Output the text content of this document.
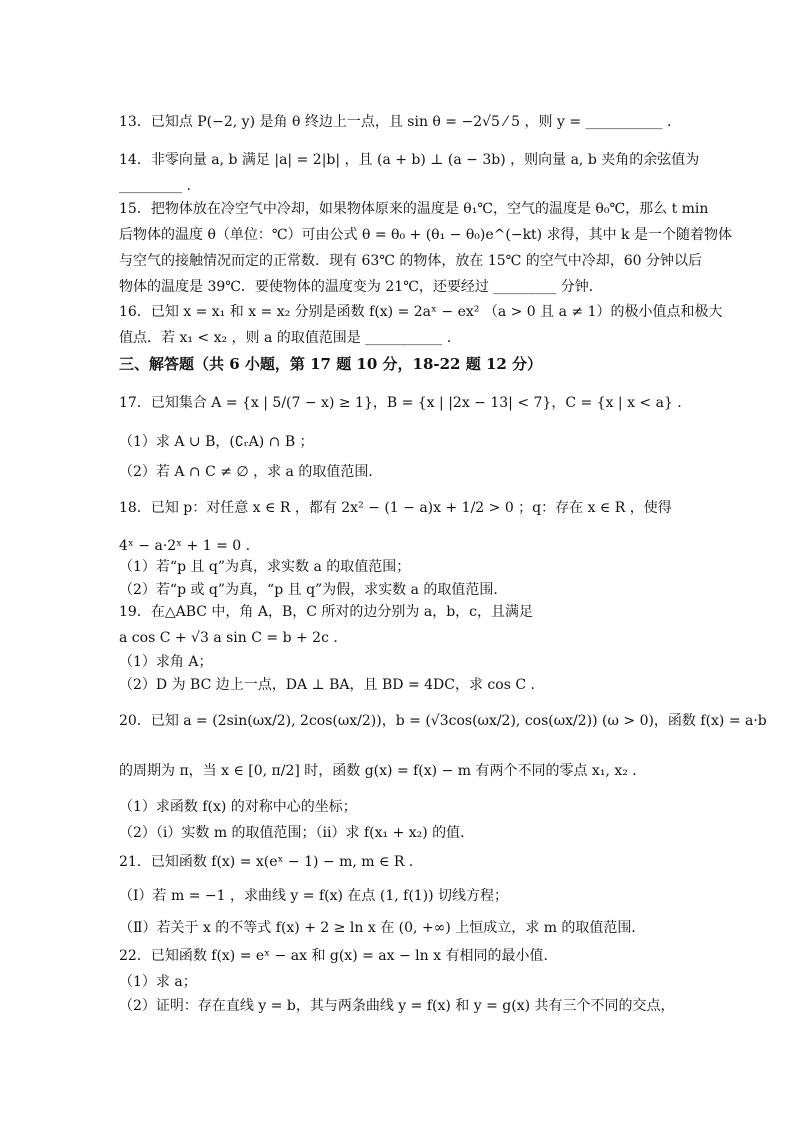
13．已知点 P(−2, y) 是角 θ 终边上一点，且 sin θ = −2√5 ⁄ 5 ，则 y = ___________ .
14．非零向量 a, b 满足 |a| = 2|b| ，且 (a + b) ⊥ (a − 3b) ，则向量 a, b 夹角的余弦值为
_________ .
15．把物体放在冷空气中冷却，如果物体原来的温度是 θ₁℃，空气的温度是 θ₀℃，那么 t min
后物体的温度 θ（单位：℃）可由公式 θ = θ₀ + (θ₁ − θ₀)e^(−kt) 求得，其中 k 是一个随着物体
与空气的接触情况而定的正常数．现有 63℃ 的物体，放在 15℃ 的空气中冷却，60 分钟以后
物体的温度是 39℃．要使物体的温度变为 21℃，还要经过 _________ 分钟．
16．已知 x = x₁ 和 x = x₂ 分别是函数 f(x) = 2aˣ − ex² （a > 0 且 a ≠ 1）的极小值点和极大
值点．若 x₁ < x₂ ，则 a 的取值范围是 ___________ .
三、解答题（共 6 小题，第 17 题 10 分，18-22 题 12 分）
17．已知集合 A = {x | 5/(7 − x) ≥ 1}，B = {x | |2x − 13| < 7}，C = {x | x < a} .
（1）求 A ∪ B，(∁ᵣA) ∩ B ；
（2）若 A ∩ C ≠ ∅ ，求 a 的取值范围．
18．已知 p：对任意 x ∈ R ，都有 2x² − (1 − a)x + 1/2 > 0 ；q：存在 x ∈ R ，使得
4ˣ − a·2ˣ + 1 = 0 .
（1）若“p 且 q”为真，求实数 a 的取值范围；
（2）若“p 或 q”为真，“p 且 q”为假，求实数 a 的取值范围．
19．在△ABC 中，角 A，B，C 所对的边分别为 a，b，c，且满足
a cos C + √3 a sin C = b + 2c .
（1）求角 A；
（2）D 为 BC 边上一点，DA ⊥ BA，且 BD = 4DC，求 cos C .
20．已知 a = (2sin(ωx/2), 2cos(ωx/2))，b = (√3cos(ωx/2), cos(ωx/2)) (ω > 0)，函数 f(x) = a·b
的周期为 π，当 x ∈ [0, π/2] 时，函数 g(x) = f(x) − m 有两个不同的零点 x₁, x₂ .
（1）求函数 f(x) 的对称中心的坐标；
（2）（ⅰ）实数 m 的取值范围；（ⅱ）求 f(x₁ + x₂) 的值．
21．已知函数 f(x) = x(eˣ − 1) − m, m ∈ R .
（Ⅰ）若 m = −1 ，求曲线 y = f(x) 在点 (1, f(1)) 切线方程；
（Ⅱ）若关于 x 的不等式 f(x) + 2 ≥ ln x 在 (0, +∞) 上恒成立，求 m 的取值范围．
22．已知函数 f(x) = eˣ − ax 和 g(x) = ax − ln x 有相同的最小值．
（1）求 a；
（2）证明：存在直线 y = b，其与两条曲线 y = f(x) 和 y = g(x) 共有三个不同的交点，
